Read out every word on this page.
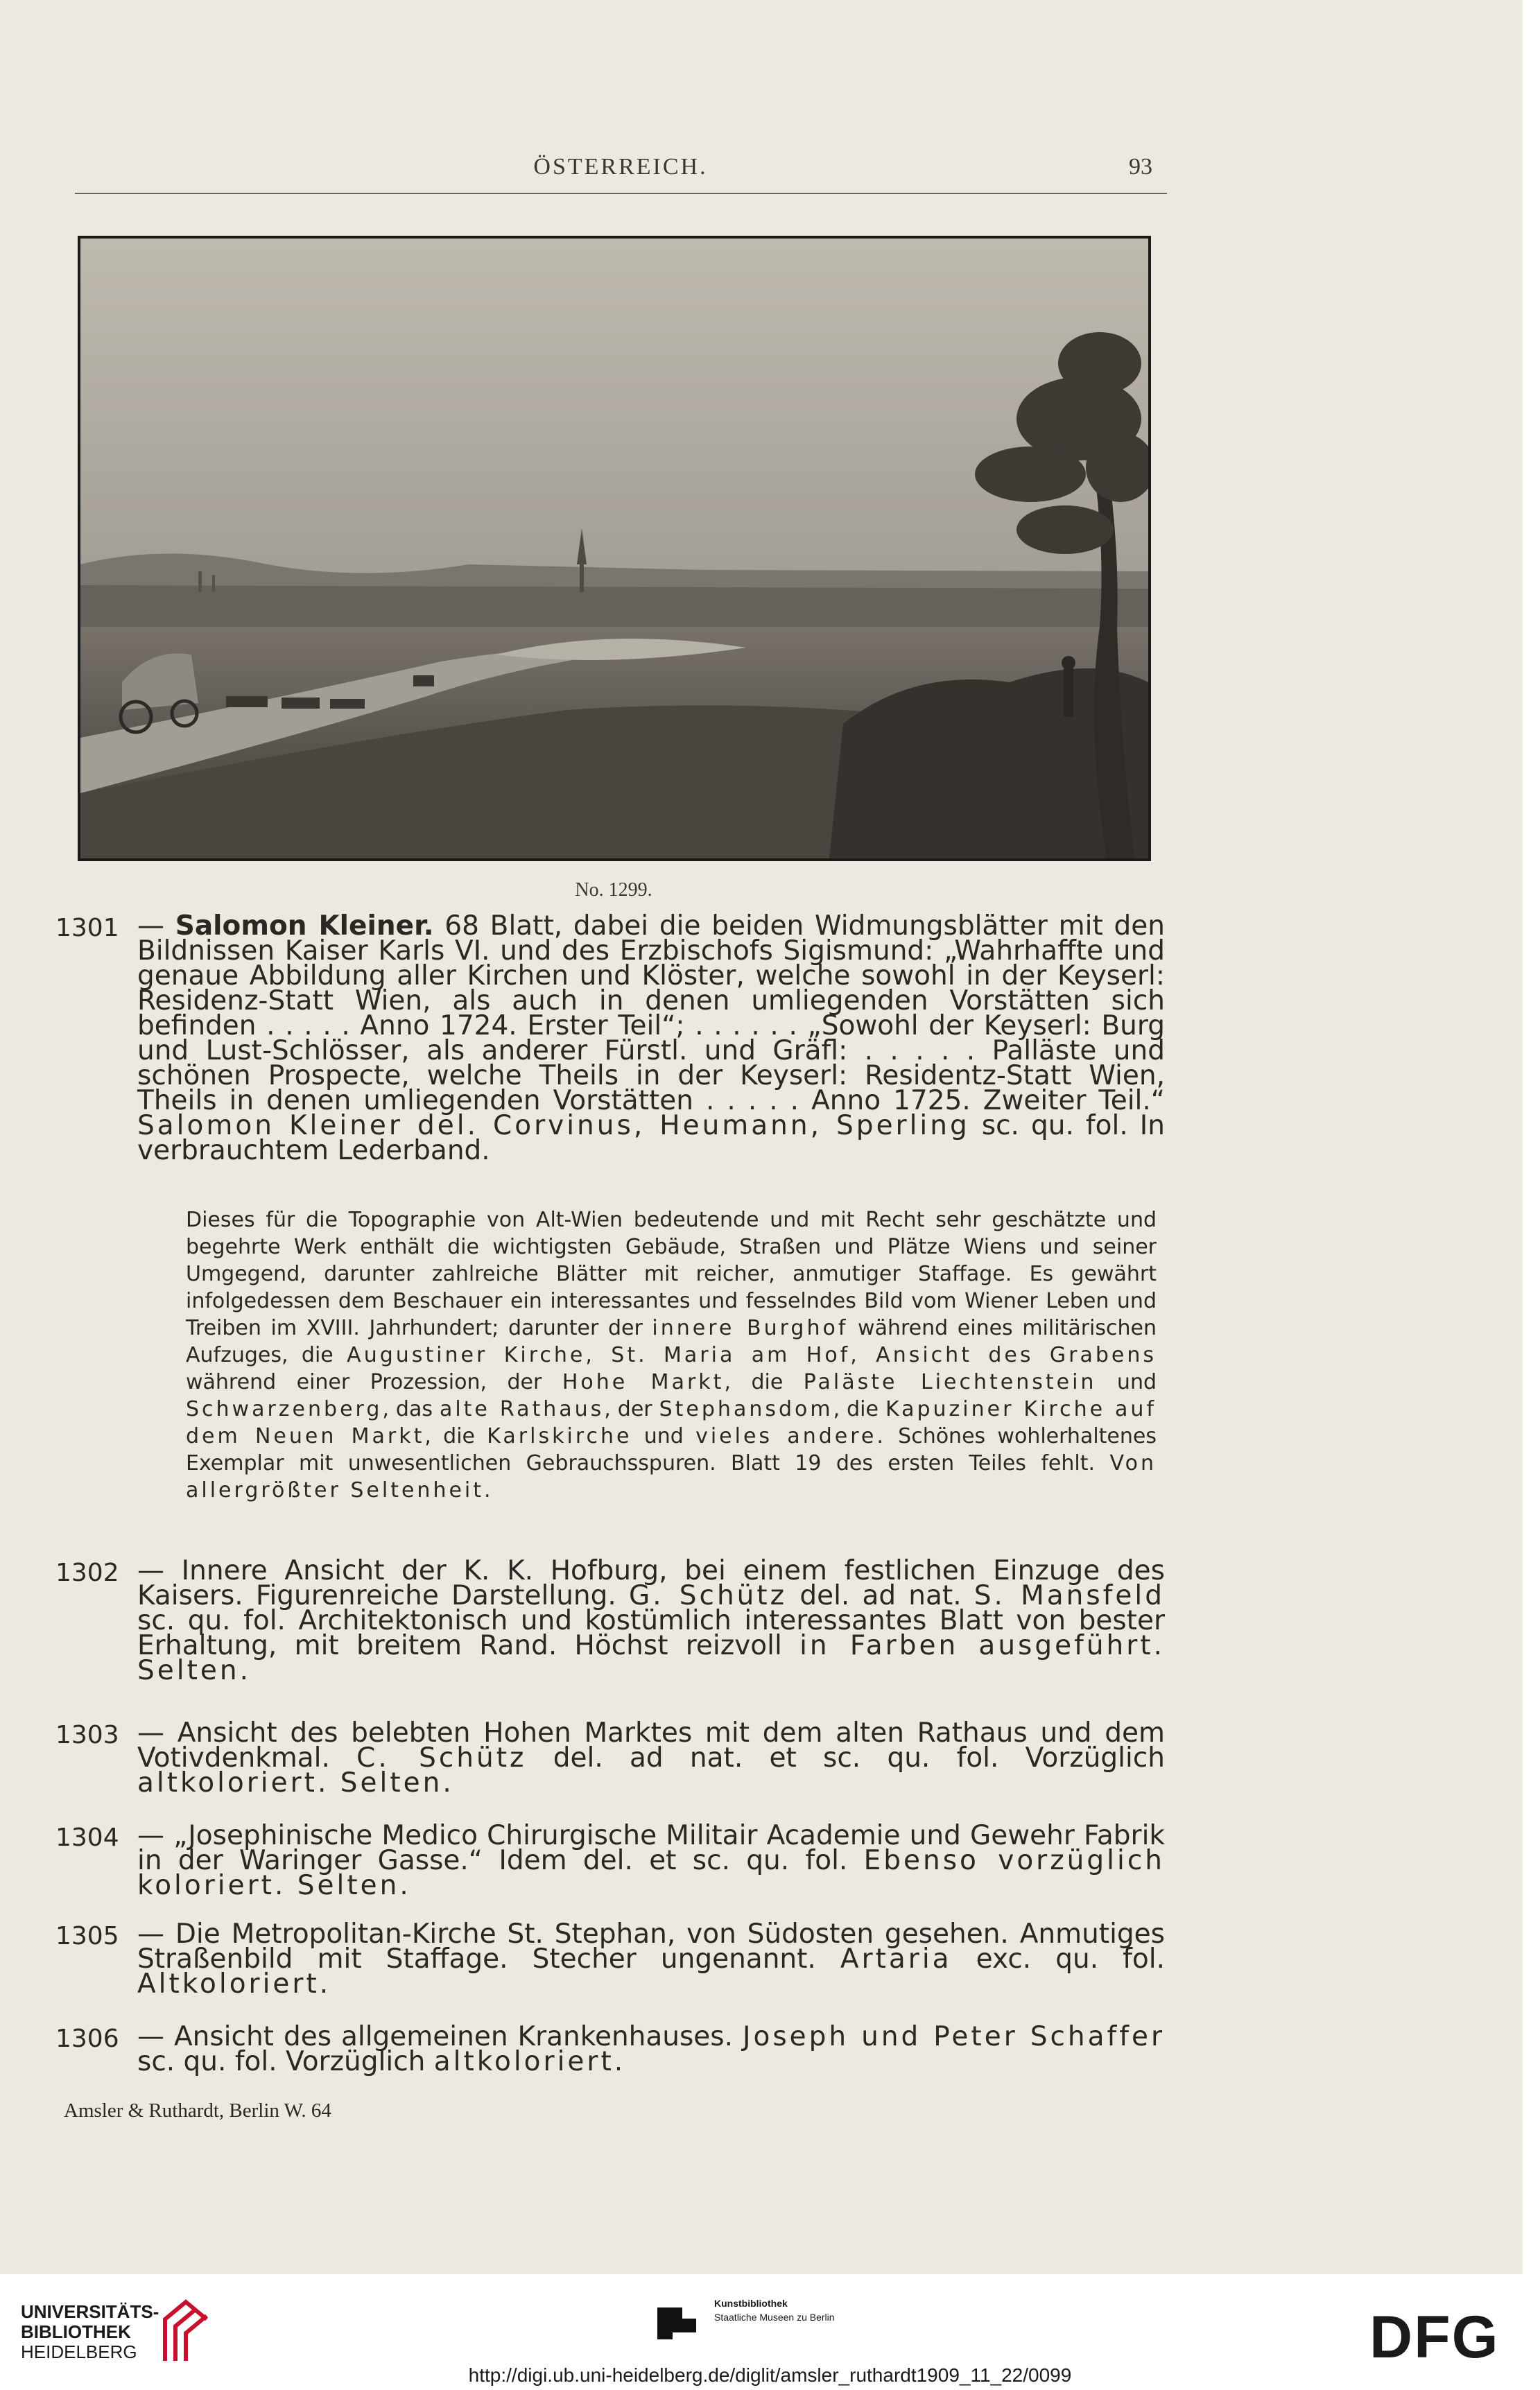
ÖSTERREICH.	93
No. 1299.
1301 — Salomon Kleiner. 68 Blatt, dabei die beiden Widmungsblätter mit den Bildnissen Kaiser Karls VI. und des Erzbischofs Sigismund: „Wahrhaffte und genaue Abbildung aller Kirchen und Klöster, welche sowohl in der Keyserl: Residenz-Statt Wien, als auch in denen umliegenden Vorstätten sich befinden . . . . . Anno 1724. Erster Teil“; . . . . . . „Sowohl der Keyserl: Burg und Lust-Schlösser, als anderer Fürstl. und Gräfl: . . . . . Palläste und schönen Prospecte, welche Theils in der Keyserl: Residentz-Statt Wien, Theils in denen umliegenden Vorstätten . . . . . Anno 1725. Zweiter Teil.“ Salomon Kleiner del. Corvinus, Heumann, Sperling sc. qu. fol. In verbrauchtem Lederband.
Dieses für die Topographie von Alt-Wien bedeutende und mit Recht sehr geschätzte und begehrte Werk enthält die wichtigsten Gebäude, Straßen und Plätze Wiens und seiner Umgegend, darunter zahlreiche Blätter mit reicher, anmutiger Staffage. Es gewährt infolgedessen dem Beschauer ein interessantes und fesselndes Bild vom Wiener Leben und Treiben im XVIII. Jahrhundert; darunter der innere Burghof während eines militärischen Aufzuges, die Augustiner Kirche, St. Maria am Hof, Ansicht des Grabens während einer Prozession, der Hohe Markt, die Paläste Liechtenstein und Schwarzenberg, das alte Rathaus, der Stephansdom, die Kapuziner Kirche auf dem Neuen Markt, die Karlskirche und vieles andere. Schönes wohlerhaltenes Exemplar mit unwesentlichen Gebrauchsspuren. Blatt 19 des ersten Teiles fehlt. Von allergrößter Seltenheit.
1302 — Innere Ansicht der K. K. Hofburg, bei einem festlichen Einzuge des Kaisers. Figurenreiche Darstellung. G. Schütz del. ad nat. S. Mansfeld sc. qu. fol. Architektonisch und kostümlich interessantes Blatt von bester Erhaltung, mit breitem Rand. Höchst reizvoll in Farben ausgeführt. Selten.
1303 — Ansicht des belebten Hohen Marktes mit dem alten Rathaus und dem Votivdenkmal. C. Schütz del. ad nat. et sc. qu. fol. Vorzüglich altkoloriert. Selten.
1304 — „Josephinische Medico Chirurgische Militair Academie und Gewehr Fabrik in der Waringer Gasse.“ Idem del. et sc. qu. fol. Ebenso vorzüglich koloriert. Selten.
1305 — Die Metropolitan-Kirche St. Stephan, von Südosten gesehen. Anmutiges Straßenbild mit Staffage. Stecher ungenannt. Artaria exc. qu. fol. Altkoloriert.
1306 — Ansicht des allgemeinen Krankenhauses. Joseph und Peter Schaffer sc. qu. fol. Vorzüglich altkoloriert.
Amsler & Ruthardt, Berlin W. 64
UNIVERSITÄTS-
BIBLIOTHEK
HEIDELBERG
Kunstbibliothek
Staatliche Museen zu Berlin	DFG
http://digi.ub.uni-heidelberg.de/diglit/amsler_ruthardt1909_11_22/0099
